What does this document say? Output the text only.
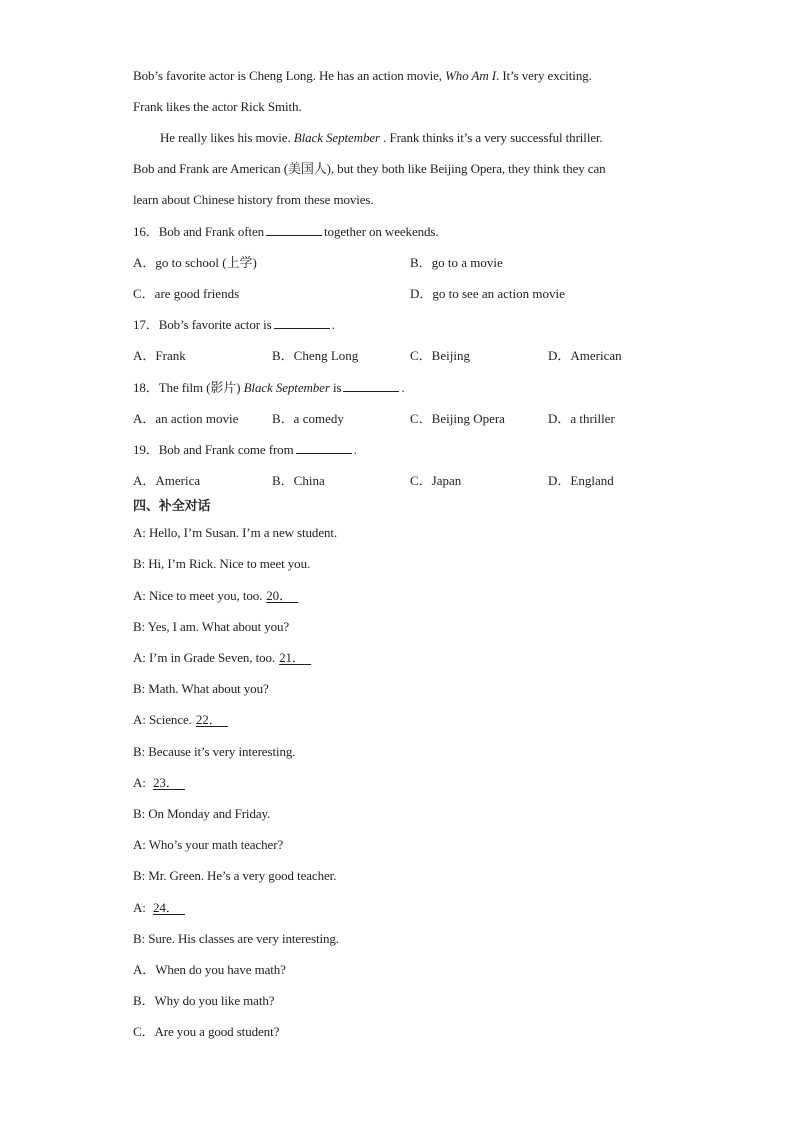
Bob’s favorite actor is Cheng Long. He has an action movie, Who Am I. It’s very exciting.
Frank likes the actor Rick Smith.
He really likes his movie. Black September . Frank thinks it’s a very successful thriller.
Bob and Frank are American (美国人), but they both like Beijing Opera, they think they can
learn about Chinese history from these movies.
16．Bob and Frank often	together on weekends.
A．go to school (上学)	B．go to a movie
C．are good friends	D．go to see an action movie
17．Bob’s favorite actor is	.
A．Frank	B．Cheng Long	C．Beijing	D．American
18．The film (影片) Black September is	.
A．an action movie	B．a comedy	C．Beijing Opera	D．a thriller
19．Bob and Frank come from	.
A．America	B．China	C．Japan	D．England
四、补全对话
A: Hello, I’m Susan. I’m a new student.
B: Hi, I’m Rick. Nice to meet you.
A: Nice to meet you, too. 20．
B: Yes, I am. What about you?
A: I’m in Grade Seven, too. 21．
B: Math. What about you?
A: Science. 22．
B: Because it’s very interesting.
A: 23．
B: On Monday and Friday.
A: Who’s your math teacher?
B: Mr. Green. He’s a very good teacher.
A: 24．
B: Sure. His classes are very interesting.
A．When do you have math?
B．Why do you like math?
C．Are you a good student?
